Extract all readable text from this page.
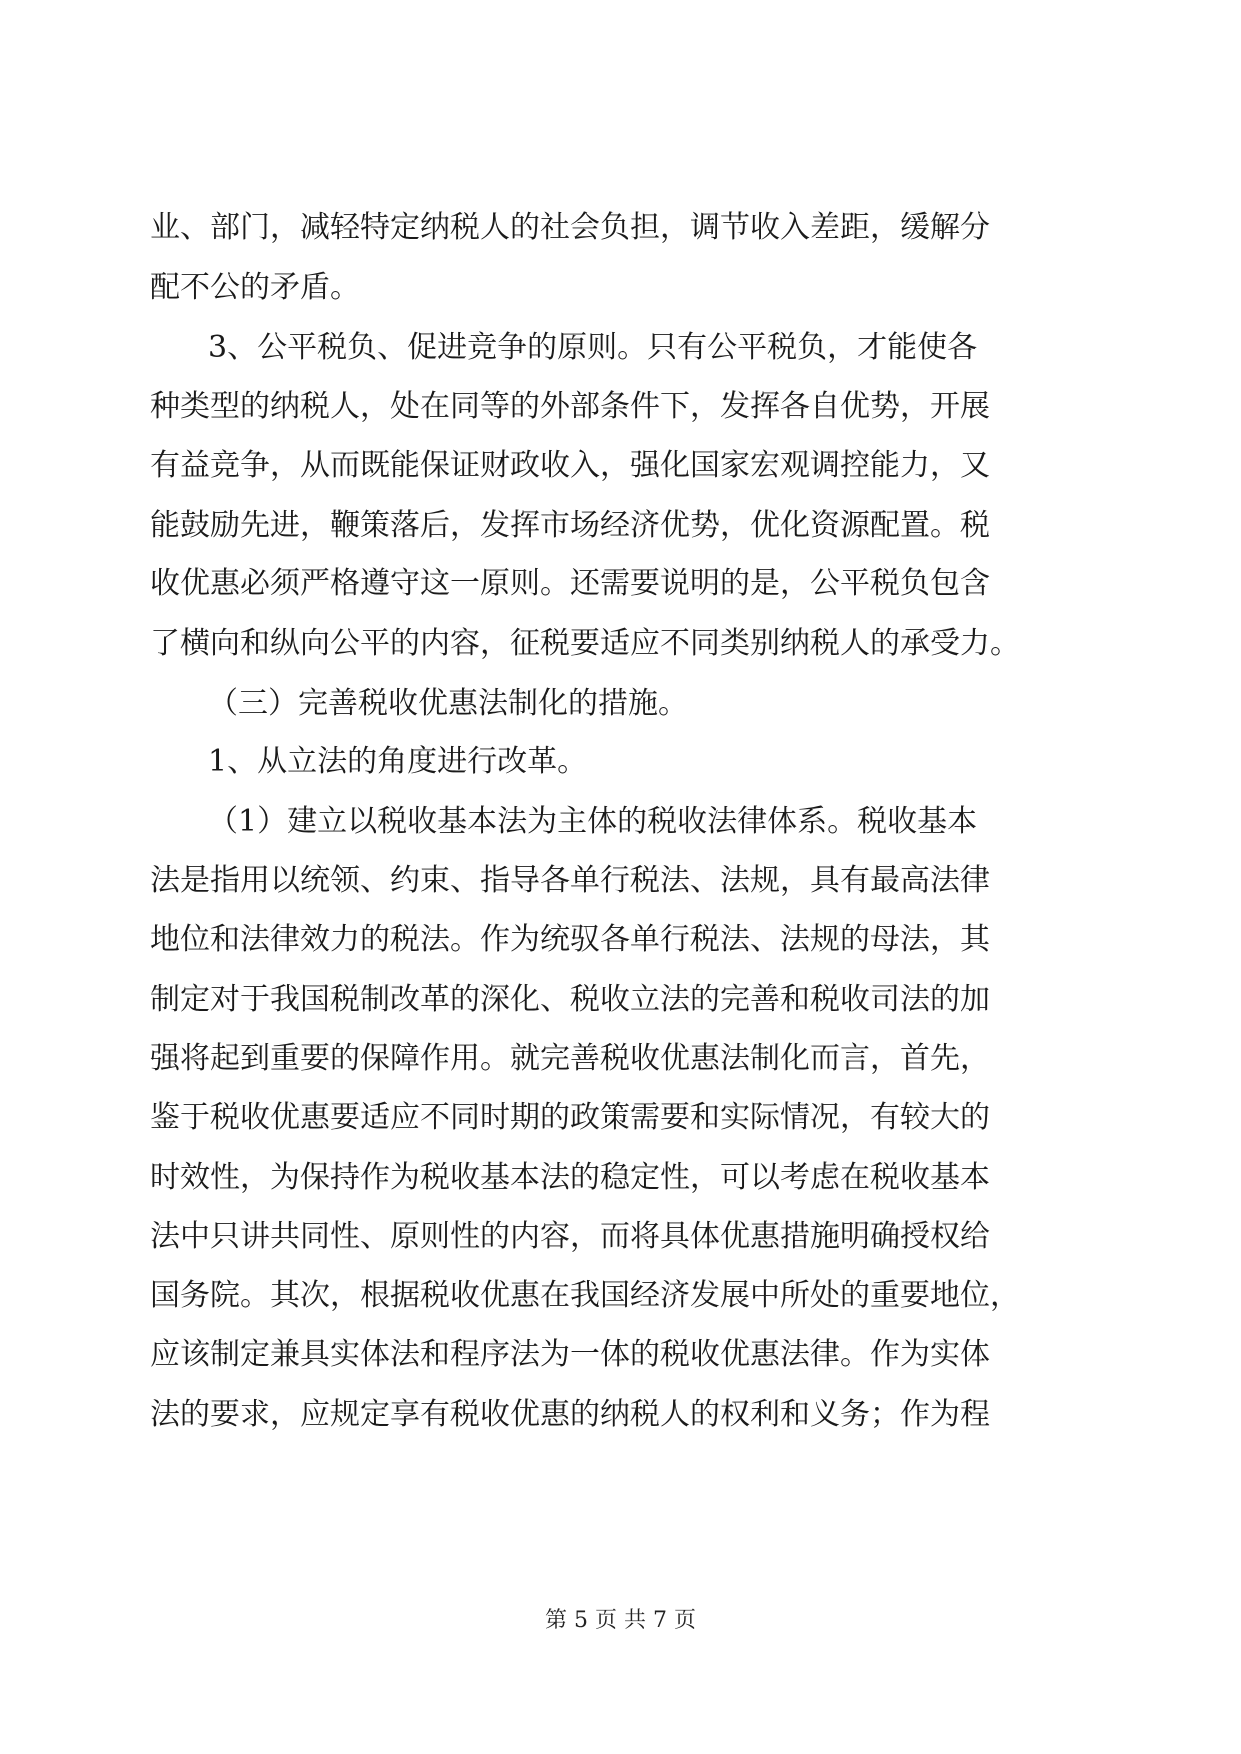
业、部门，减轻特定纳税人的社会负担，调节收入差距，缓解分
配不公的矛盾。
3、公平税负、促进竞争的原则。只有公平税负，才能使各
种类型的纳税人，处在同等的外部条件下，发挥各自优势，开展
有益竞争，从而既能保证财政收入，强化国家宏观调控能力，又
能鼓励先进，鞭策落后，发挥市场经济优势，优化资源配置。税
收优惠必须严格遵守这一原则。还需要说明的是，公平税负包含
了横向和纵向公平的内容，征税要适应不同类别纳税人的承受力。
（三）完善税收优惠法制化的措施。
1、从立法的角度进行改革。
（1）建立以税收基本法为主体的税收法律体系。税收基本
法是指用以统领、约束、指导各单行税法、法规，具有最高法律
地位和法律效力的税法。作为统驭各单行税法、法规的母法，其
制定对于我国税制改革的深化、税收立法的完善和税收司法的加
强将起到重要的保障作用。就完善税收优惠法制化而言，首先，
鉴于税收优惠要适应不同时期的政策需要和实际情况，有较大的
时效性，为保持作为税收基本法的稳定性，可以考虑在税收基本
法中只讲共同性、原则性的内容，而将具体优惠措施明确授权给
国务院。其次，根据税收优惠在我国经济发展中所处的重要地位，
应该制定兼具实体法和程序法为一体的税收优惠法律。作为实体
法的要求，应规定享有税收优惠的纳税人的权利和义务；作为程
第 5 页 共 7 页
